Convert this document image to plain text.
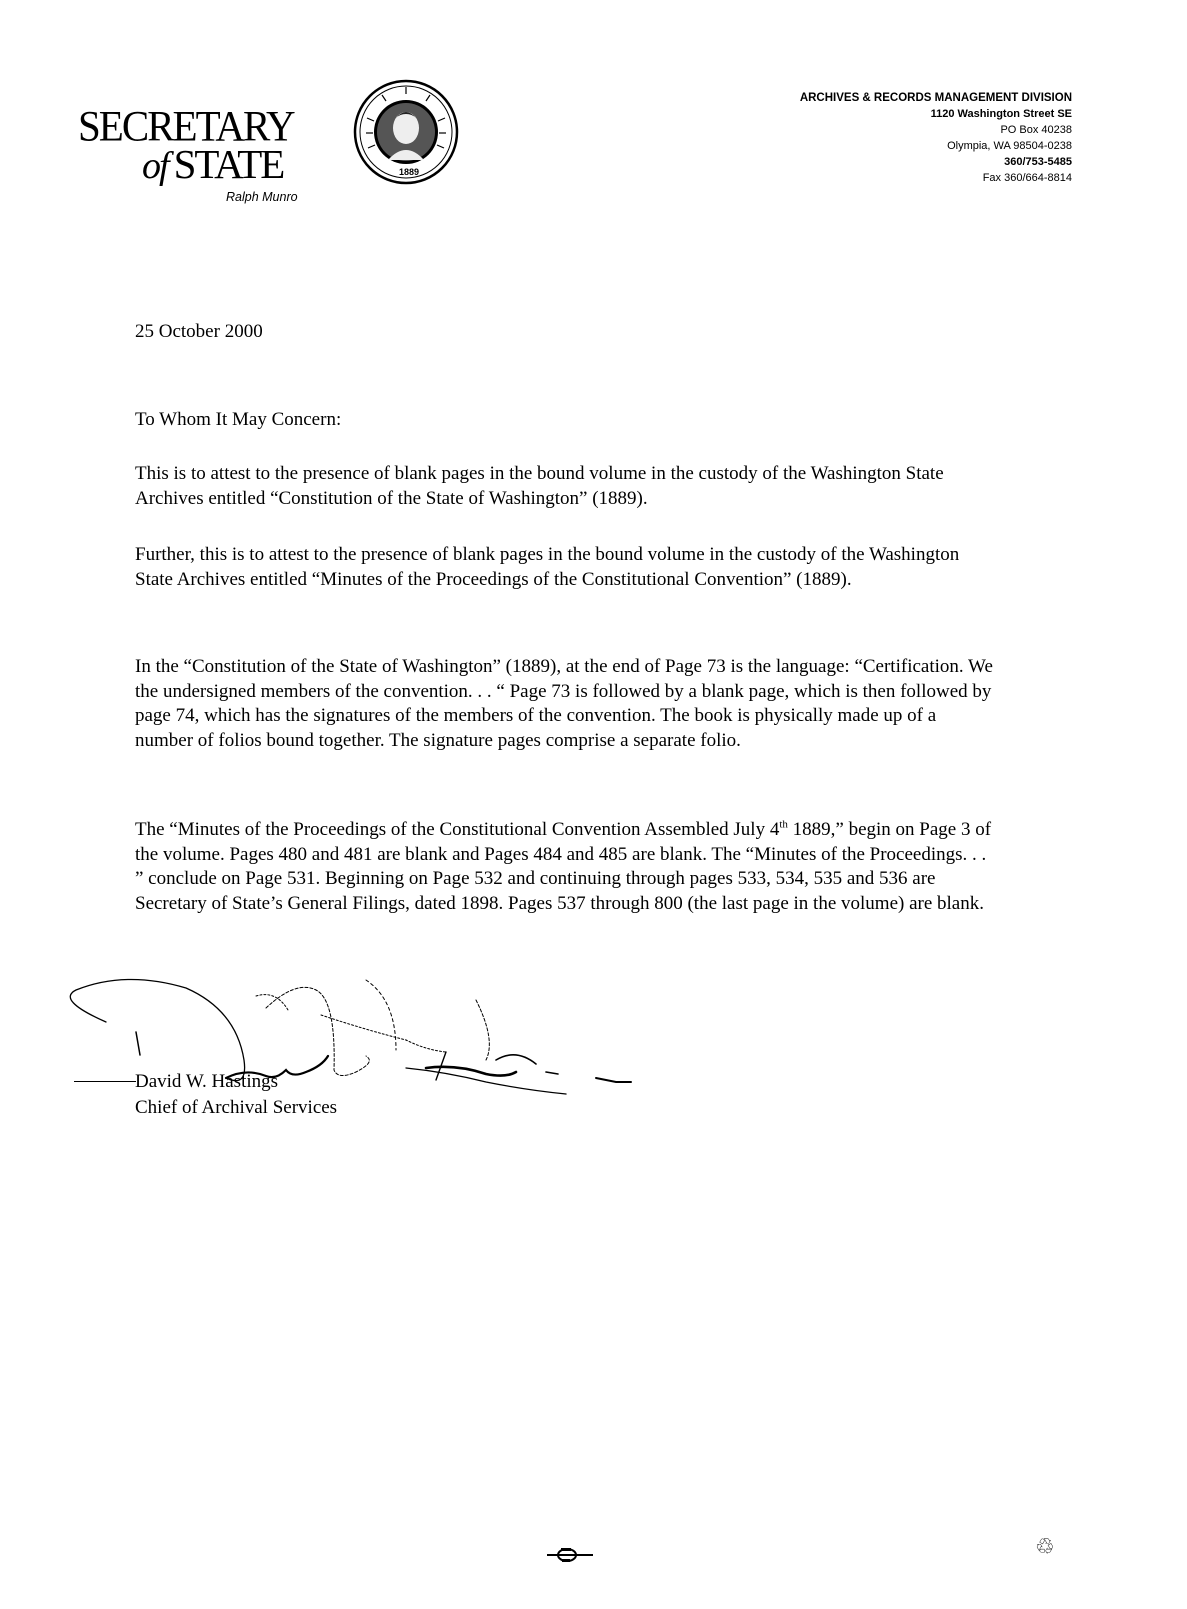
SECRETARY
of STATE
Ralph Munro
1889
ARCHIVES & RECORDS MANAGEMENT DIVISION
1120 Washington Street SE
PO Box 40238
Olympia, WA 98504-0238
360/753-5485
Fax 360/664-8814
25 October 2000
To Whom It May Concern:
This is to attest to the presence of blank pages in the bound volume in the custody of the Washington State Archives entitled “Constitution of the State of Washington” (1889).
Further, this is to attest to the presence of blank pages in the bound volume in the custody of the Washington State Archives entitled “Minutes of the Proceedings of the Constitutional Convention” (1889).
In the “Constitution of the State of Washington” (1889), at the end of Page 73 is the language: “Certification. We the undersigned members of the convention. . . “ Page 73 is followed by a blank page, which is then followed by page 74, which has the signatures of the members of the convention. The book is physically made up of a number of folios bound together. The signature pages comprise a separate folio.
The “Minutes of the Proceedings of the Constitutional Convention Assembled July 4th 1889,” begin on Page 3 of the volume. Pages 480 and 481 are blank and Pages 484 and 485 are blank. The “Minutes of the Proceedings. . . ” conclude on Page 531. Beginning on Page 532 and continuing through pages 533, 534, 535 and 536 are Secretary of State’s General Filings, dated 1898. Pages 537 through 800 (the last page in the volume) are blank.
David W. Hastings
Chief of Archival Services
♲
